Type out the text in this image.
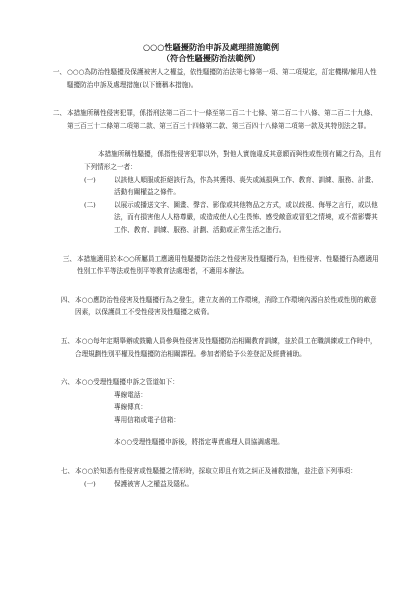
○○○性騷擾防治申訴及處理措施範例
（符合性騷擾防治法範例）
一、 ○○○為防治性騷擾及保護被害人之權益，依性騷擾防治法第七條第一項、第二項規定，訂定機構/僱用人性騷擾防治申訴及處理措施(以下簡稱本措施)。
二、 本措施所稱性侵害犯罪，係指刑法第二百二十一條至第二百二十七條、第二百二十八條、第二百二十九條、第三百三十二條第二項第二款、第三百三十四條第二款、第三百四十八條第二項第一款及其特別法之罪。
本措施所稱性騷擾，係指性侵害犯罪以外，對他人實施違反其意願而與性或性別有關之行為，且有下列情形之一者：
(一)	以該他人順服或拒絕該行為，作為其獲得、喪失或減損與工作、教育、訓練、服務、計畫、活動有關權益之條件。
(二)	以展示或播送文字、圖畫、聲音、影像或其他物品之方式，或以歧視、侮辱之言行，或以他法，而有損害他人人格尊嚴，或造成使人心生畏怖、感受敵意或冒犯之情境，或不當影響其工作、教育、訓練、服務、計劃、活動或正常生活之進行。
三、 本措施適用於本○○所屬員工應適用性騷擾防治法之性侵害及性騷擾行為，但性侵害、性騷擾行為應適用性別工作平等法或性別平等教育法處理者，不適用本辦法。
四、 本○○應防治性侵害及性騷擾行為之發生，建立友善的工作環境，消除工作環境內源自於性或性別的敵意因素，以保護員工不受性侵害及性騷擾之威脅。
五、 本○○每年定期舉辦或鼓勵人員參與性侵害及性騷擾防治相關教育訓練，並於員工在職訓練或工作時中，合理規劃性別平權及性騷擾防治相關課程。參加者將給予公差登記及經費補助。
六、 本○○受理性騷擾申訴之管道如下：
專線電話：
專線傳真：
專用信箱或電子信箱：
本○○受理性騷擾申訴後，將指定專責處理人員協調處理。
七、 本○○於知悉有性侵害或性騷擾之情形時，採取立即且有效之糾正及補救措施，並注意下列事項：
(一)	保護被害人之權益及隱私。
